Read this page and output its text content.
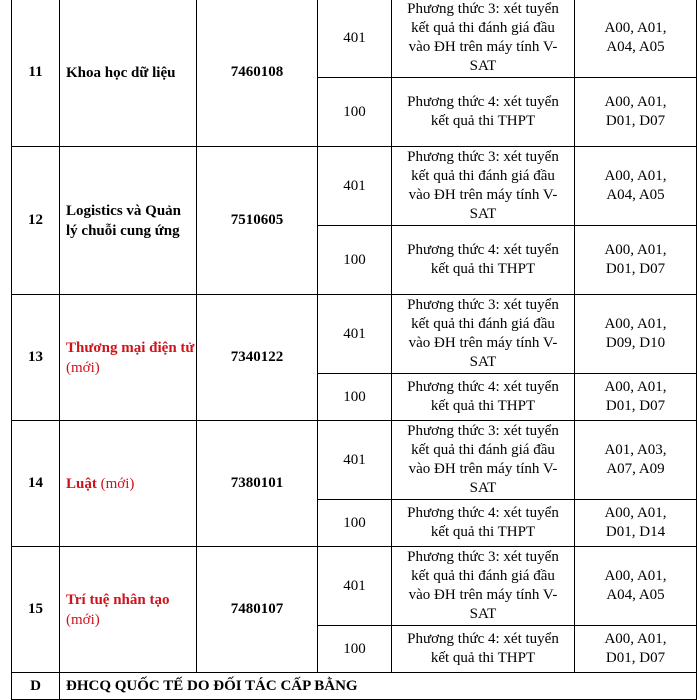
11	Khoa học dữ liệu	7460108	401	Phương thức 3: xét tuyển
kết quả thi đánh giá đầu
vào ĐH trên máy tính V-
SAT	A00, A01,
A04, A05
			100	Phương thức 4: xét tuyển
kết quả thi THPT	A00, A01,
D01, D07
12	Logistics và Quản lý chuỗi cung ứng	7510605	401	Phương thức 3: xét tuyển
kết quả thi đánh giá đầu
vào ĐH trên máy tính V-
SAT	A00, A01,
A04, A05
			100	Phương thức 4: xét tuyển
kết quả thi THPT	A00, A01,
D01, D07
13	Thương mại điện tử (mới)	7340122	401	Phương thức 3: xét tuyển
kết quả thi đánh giá đầu
vào ĐH trên máy tính V-
SAT	A00, A01,
D09, D10
			100	Phương thức 4: xét tuyển
kết quả thi THPT	A00, A01,
D01, D07
14	Luật (mới)	7380101	401	Phương thức 3: xét tuyển
kết quả thi đánh giá đầu
vào ĐH trên máy tính V-
SAT	A01, A03,
A07, A09
			100	Phương thức 4: xét tuyển
kết quả thi THPT	A00, A01,
D01, D14
15	Trí tuệ nhân tạo (mới)	7480107	401	Phương thức 3: xét tuyển
kết quả thi đánh giá đầu
vào ĐH trên máy tính V-
SAT	A00, A01,
A04, A05
			100	Phương thức 4: xét tuyển
kết quả thi THPT	A00, A01,
D01, D07
D	ĐHCQ QUỐC TẾ DO ĐỐI TÁC CẤP BẰNG				
